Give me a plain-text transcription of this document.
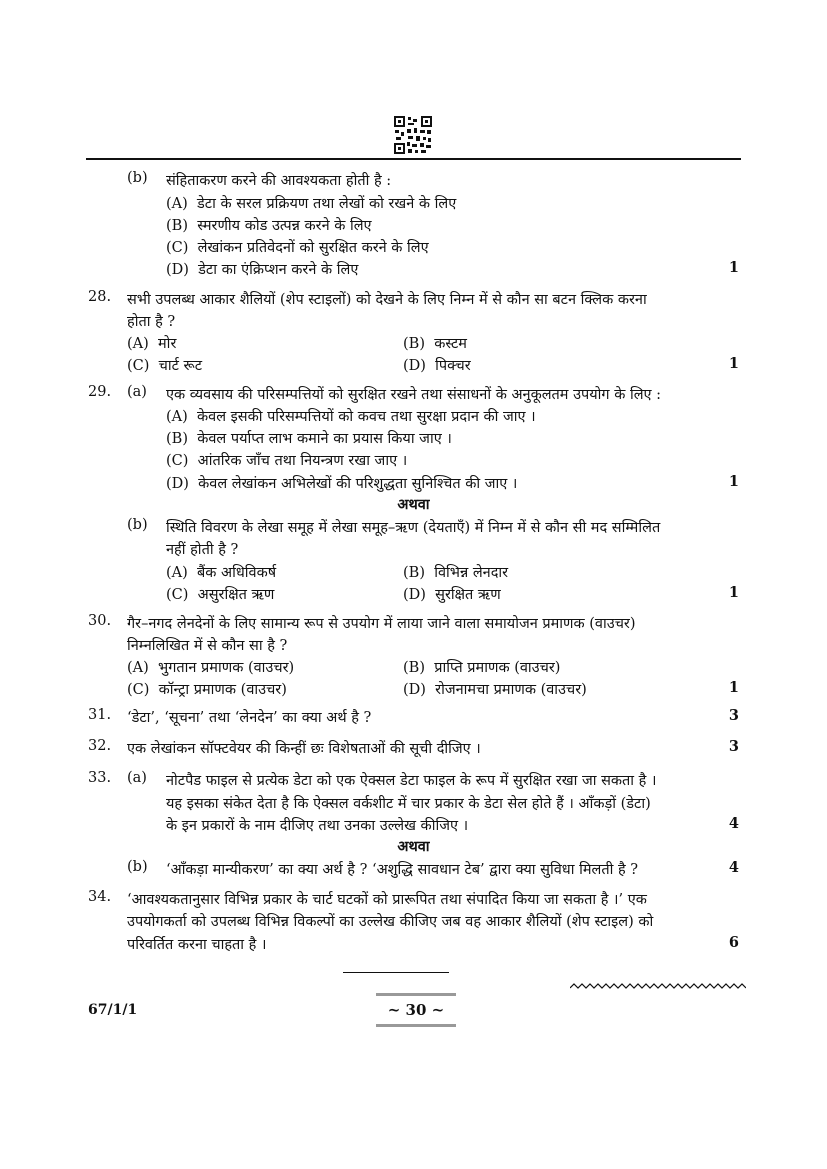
(b) संहिताकरण करने की आवश्यकता होती है :
(A) डेटा के सरल प्रक्रियण तथा लेखों को रखने के लिए
(B) स्मरणीय कोड उत्पन्न करने के लिए
(C) लेखांकन प्रतिवेदनों को सुरक्षित करने के लिए
(D) डेटा का एंक्रिप्शन करने के लिए	1
28. सभी उपलब्ध आकार शैलियों (शेप स्टाइलों) को देखने के लिए निम्न में से कौन सा बटन क्लिक करना
होता है ?
(A) मोर	(B) कस्टम
(C) चार्ट रूट	(D) पिक्चर	1
29. (a) एक व्यवसाय की परिसम्पत्तियों को सुरक्षित रखने तथा संसाधनों के अनुकूलतम उपयोग के लिए :
(A) केवल इसकी परिसम्पत्तियों को कवच तथा सुरक्षा प्रदान की जाए ।
(B) केवल पर्याप्त लाभ कमाने का प्रयास किया जाए ।
(C) आंतरिक जाँच तथा नियन्त्रण रखा जाए ।
(D) केवल लेखांकन अभिलेखों की परिशुद्धता सुनिश्चित की जाए ।	1
अथवा
(b) स्थिति विवरण के लेखा समूह में लेखा समूह–ऋण (देयताएँ) में निम्न में से कौन सी मद सम्मिलित
नहीं होती है ?
(A) बैंक अधिविकर्ष	(B) विभिन्न लेनदार
(C) असुरक्षित ऋण	(D) सुरक्षित ऋण	1
30. गैर–नगद लेनदेनों के लिए सामान्य रूप से उपयोग में लाया जाने वाला समायोजन प्रमाणक (वाउचर)
निम्नलिखित में से कौन सा है ?
(A) भुगतान प्रमाणक (वाउचर)	(B) प्राप्ति प्रमाणक (वाउचर)
(C) कॉन्ट्रा प्रमाणक (वाउचर)	(D) रोजनामचा प्रमाणक (वाउचर)	1
31. ‘डेटा’, ‘सूचना’ तथा ‘लेनदेन’ का क्या अर्थ है ?	3
32. एक लेखांकन सॉफ्टवेयर की किन्हीं छः विशेषताओं की सूची दीजिए ।	3
33. (a) नोटपैड फाइल से प्रत्येक डेटा को एक ऐक्सल डेटा फाइल के रूप में सुरक्षित रखा जा सकता है ।
यह इसका संकेत देता है कि ऐक्सल वर्कशीट में चार प्रकार के डेटा सेल होते हैं । आँकड़ों (डेटा)
के इन प्रकारों के नाम दीजिए तथा उनका उल्लेख कीजिए ।	4
अथवा
(b) ‘आँकड़ा मान्यीकरण’ का क्या अर्थ है ? ‘अशुद्धि सावधान टेब’ द्वारा क्या सुविधा मिलती है ?	4
34. ‘आवश्यकतानुसार विभिन्न प्रकार के चार्ट घटकों को प्रारूपित तथा संपादित किया जा सकता है ।’ एक
उपयोगकर्ता को उपलब्ध विभिन्न विकल्पों का उल्लेख कीजिए जब वह आकार शैलियों (शेप स्टाइल) को
परिवर्तित करना चाहता है ।	6
67/1/1	~ 30 ~
